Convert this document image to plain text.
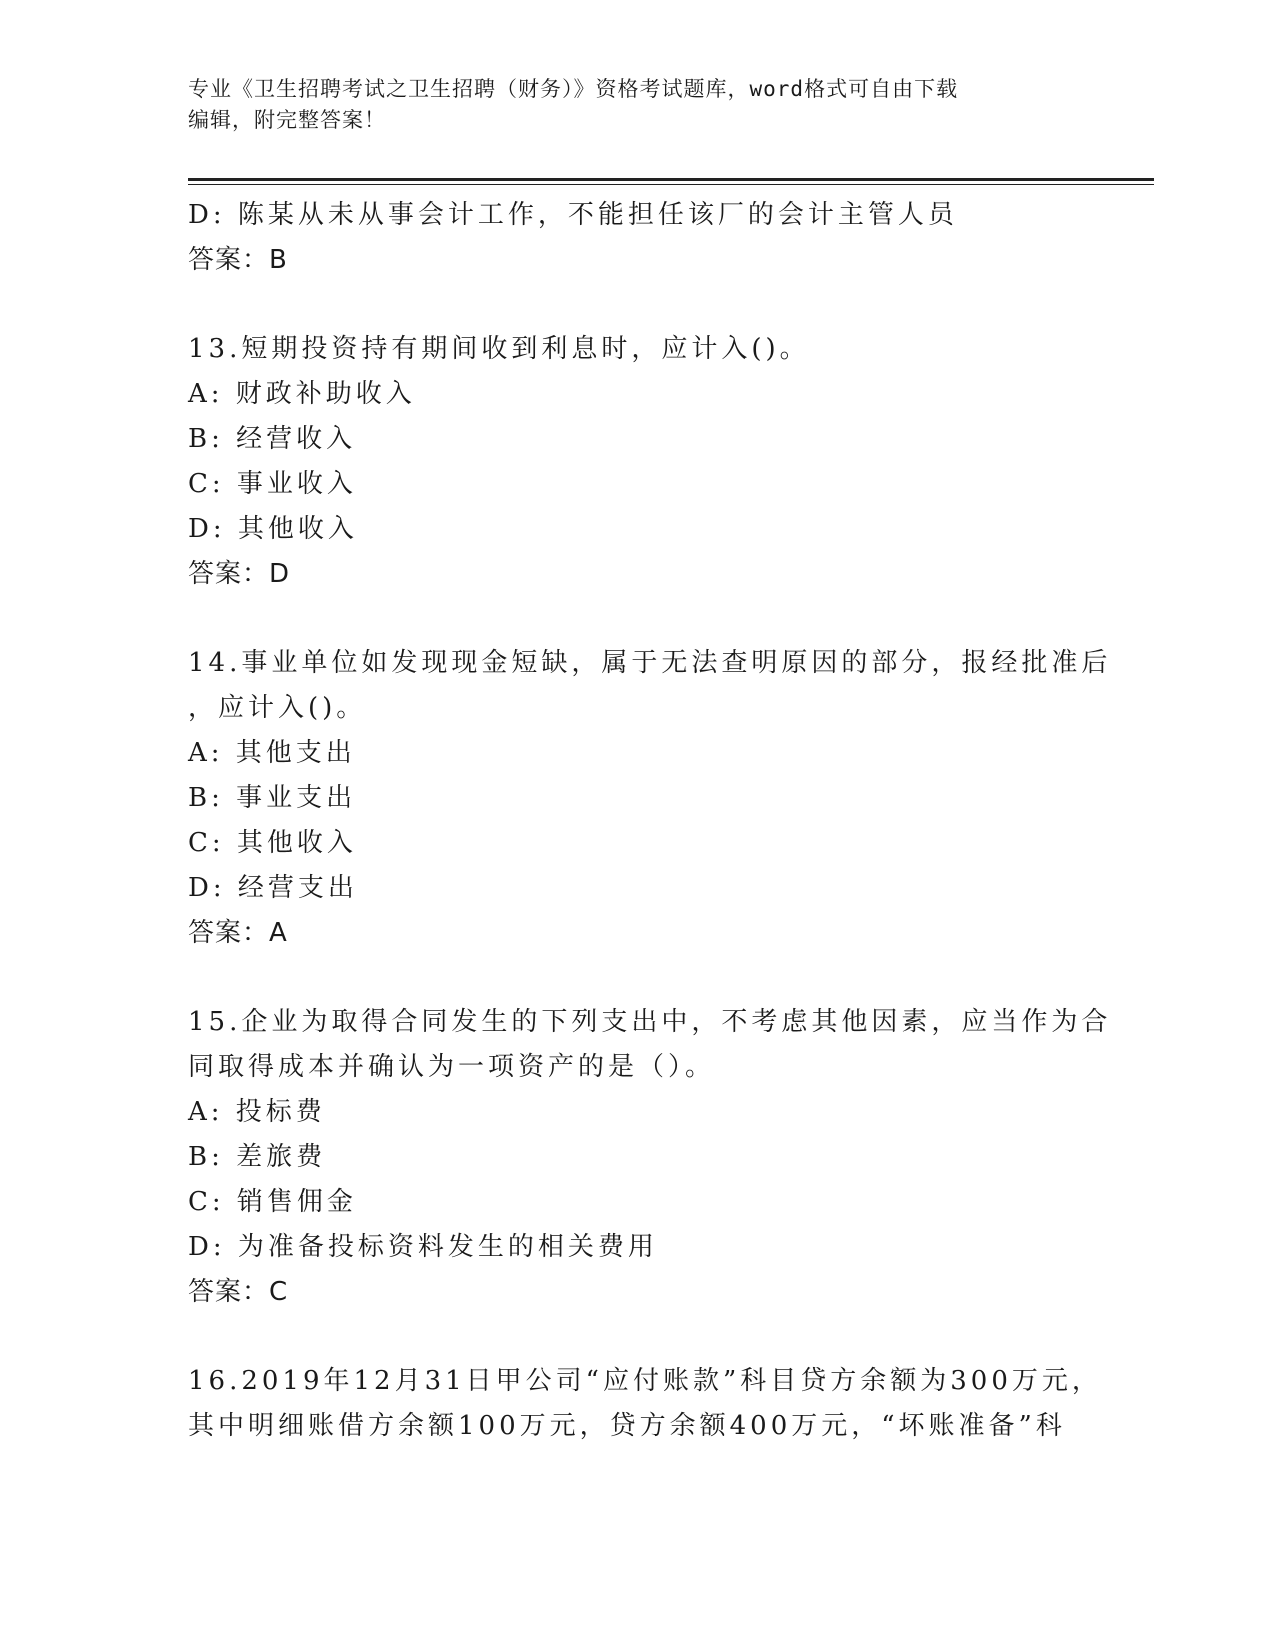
专业《卫生招聘考试之卫生招聘（财务）》资格考试题库，word格式可自由下载
编辑，附完整答案！
D: 陈某从未从事会计工作，不能担任该厂的会计主管人员
答案：B
13.短期投资持有期间收到利息时，应计入()。
A: 财政补助收入
B: 经营收入
C: 事业收入
D: 其他收入
答案：D
14.事业单位如发现现金短缺，属于无法查明原因的部分，报经批准后
，应计入()。
A: 其他支出
B: 事业支出
C: 其他收入
D: 经营支出
答案：A
15.企业为取得合同发生的下列支出中，不考虑其他因素，应当作为合
同取得成本并确认为一项资产的是（）。
A: 投标费
B: 差旅费
C: 销售佣金
D: 为准备投标资料发生的相关费用
答案：C
16.2019年12月31日甲公司“应付账款”科目贷方余额为300万元，
其中明细账借方余额100万元，贷方余额400万元，“坏账准备”科
